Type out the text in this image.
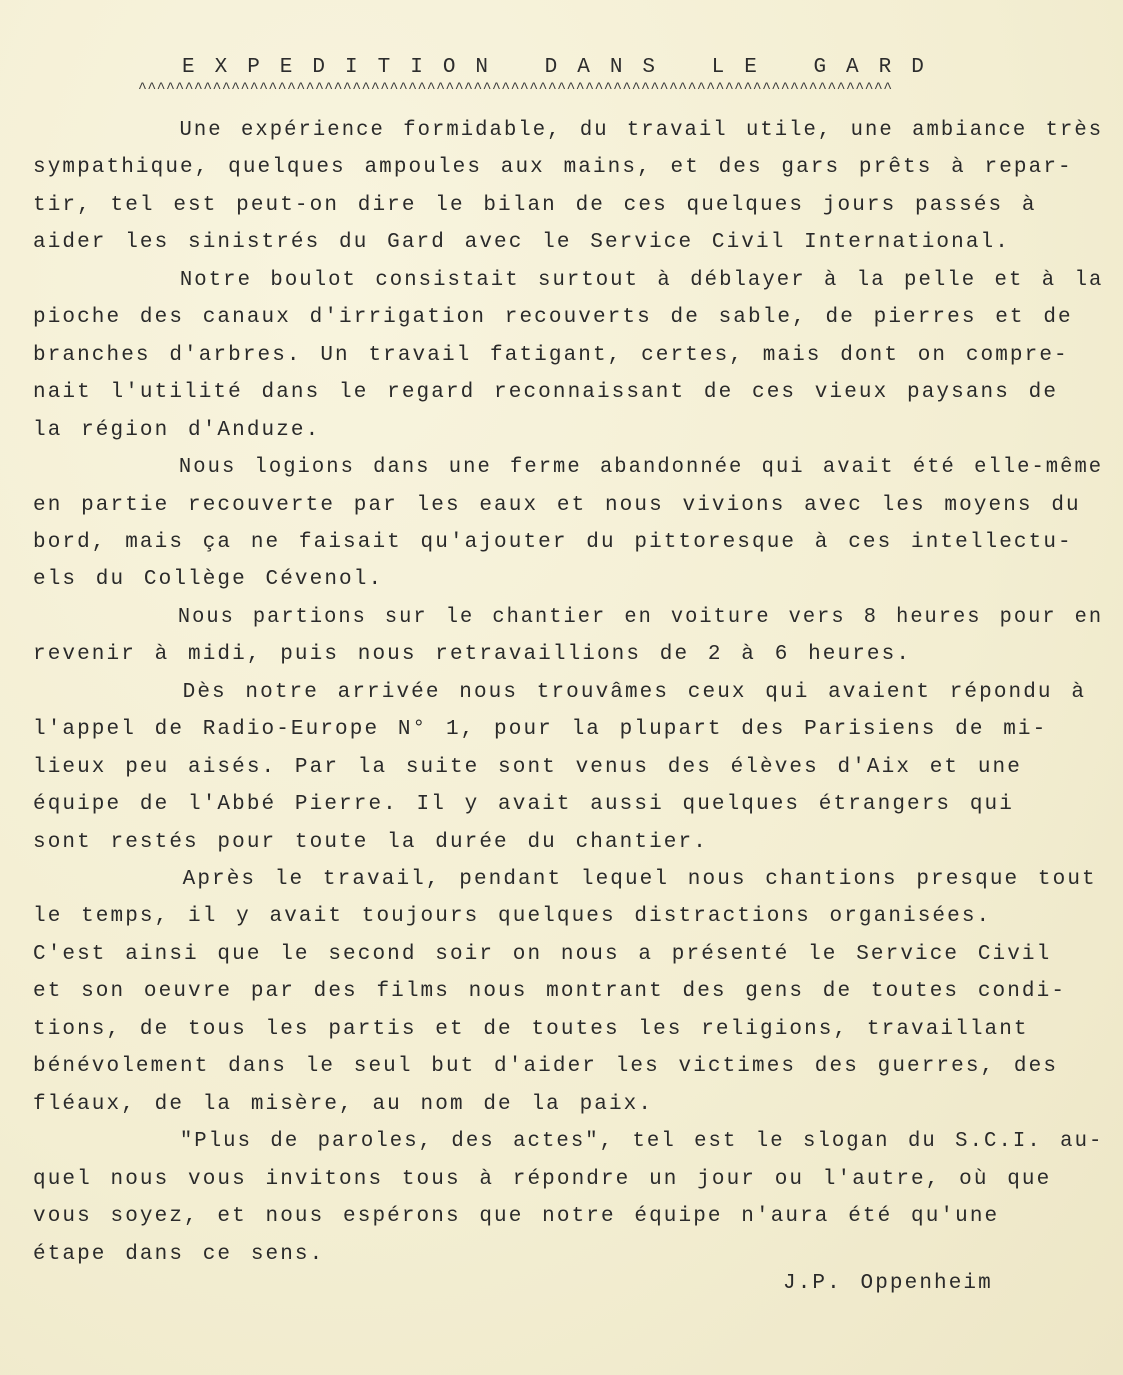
EXPEDITION DANS LE GARD
^^^^^^^^^^^^^^^^^^^^^^^^^^^^^^^^^^^^^^^^^^^^^^^^^^^^^^^^^^^^^^^^^^^^^^^^^^^^^^^^^
Une expérience formidable, du travail utile, une ambiance très
sympathique, quelques ampoules aux mains, et des gars prêts à repar-
tir, tel est peut-on dire le bilan de ces quelques jours passés à
aider les sinistrés du Gard avec le Service Civil International.
Notre boulot consistait surtout à déblayer à la pelle et à la
pioche des canaux d'irrigation recouverts de sable, de pierres et de
branches d'arbres. Un travail fatigant, certes, mais dont on compre-
nait l'utilité dans le regard reconnaissant de ces vieux paysans de
la région d'Anduze.
Nous logions dans une ferme abandonnée qui avait été elle-même
en partie recouverte par les eaux et nous vivions avec les moyens du
bord, mais ça ne faisait qu'ajouter du pittoresque à ces intellectu-
els du Collège Cévenol.
Nous partions sur le chantier en voiture vers 8 heures pour en
revenir à midi, puis nous retravaillions de 2 à 6 heures.
Dès notre arrivée nous trouvâmes ceux qui avaient répondu à
l'appel de Radio-Europe N° 1, pour la plupart des Parisiens de mi-
lieux peu aisés. Par la suite sont venus des élèves d'Aix et une
équipe de l'Abbé Pierre. Il y avait aussi quelques étrangers qui
sont restés pour toute la durée du chantier.
Après le travail, pendant lequel nous chantions presque tout
le temps, il y avait toujours quelques distractions organisées.
C'est ainsi que le second soir on nous a présenté le Service Civil
et son oeuvre par des films nous montrant des gens de toutes condi-
tions, de tous les partis et de toutes les religions, travaillant
bénévolement dans le seul but d'aider les victimes des guerres, des
fléaux, de la misère, au nom de la paix.
"Plus de paroles, des actes", tel est le slogan du S.C.I. au-
quel nous vous invitons tous à répondre un jour ou l'autre, où que
vous soyez, et nous espérons que notre équipe n'aura été qu'une
étape dans ce sens.
J.P. Oppenheim
